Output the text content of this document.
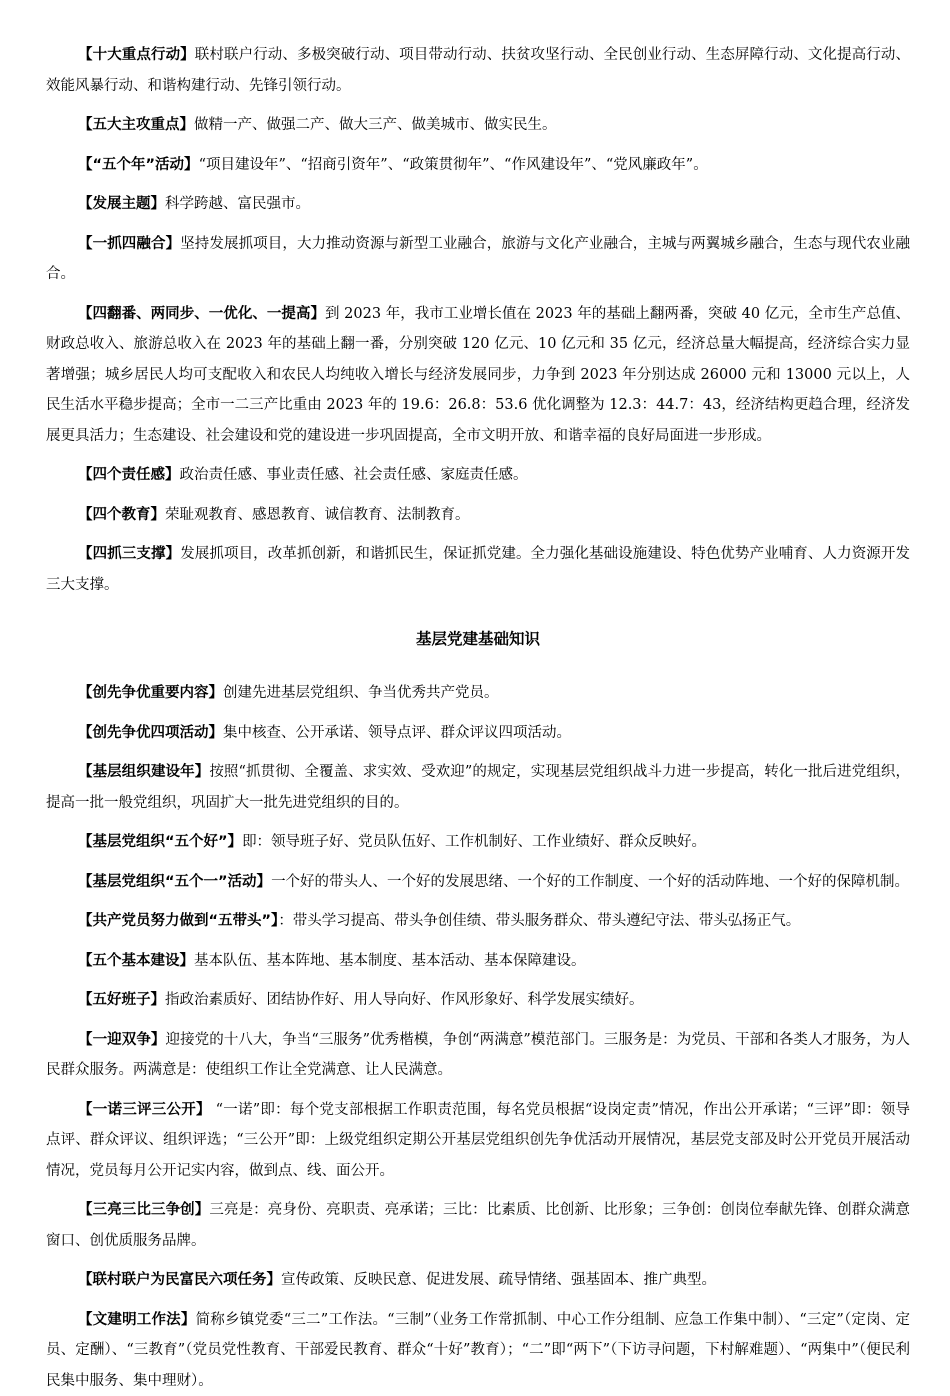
【十大重点行动】联村联户行动、多极突破行动、项目带动行动、扶贫攻坚行动、全民创业行动、生态屏障行动、文化提高行动、效能风暴行动、和谐构建行动、先锋引领行动。

【五大主攻重点】做精一产、做强二产、做大三产、做美城市、做实民生。

【“五个年”活动】“项目建设年”、“招商引资年”、“政策贯彻年”、“作风建设年”、“党风廉政年”。

【发展主题】科学跨越、富民强市。

【一抓四融合】坚持发展抓项目，大力推动资源与新型工业融合，旅游与文化产业融合，主城与两翼城乡融合，生态与现代农业融合。

【四翻番、两同步、一优化、一提高】到 2023 年，我市工业增长值在 2023 年的基础上翻两番，突破 40 亿元，全市生产总值、财政总收入、旅游总收入在 2023 年的基础上翻一番，分别突破 120 亿元、10 亿元和 35 亿元，经济总量大幅提高，经济综合实力显著增强；城乡居民人均可支配收入和农民人均纯收入增长与经济发展同步，力争到 2023 年分别达成 26000 元和 13000 元以上，人民生活水平稳步提高；全市一二三产比重由 2023 年的 19.6：26.8：53.6 优化调整为 12.3：44.7：43，经济结构更趋合理，经济发展更具活力；生态建设、社会建设和党的建设进一步巩固提高，全市文明开放、和谐幸福的良好局面进一步形成。

【四个责任感】政治责任感、事业责任感、社会责任感、家庭责任感。

【四个教育】荣耻观教育、感恩教育、诚信教育、法制教育。

【四抓三支撑】发展抓项目，改革抓创新，和谐抓民生，保证抓党建。全力强化基础设施建设、特色优势产业哺育、人力资源开发三大支撑。

基层党建基础知识

【创先争优重要内容】创建先进基层党组织、争当优秀共产党员。

【创先争优四项活动】集中核查、公开承诺、领导点评、群众评议四项活动。

【基层组织建设年】按照“抓贯彻、全覆盖、求实效、受欢迎”的规定，实现基层党组织战斗力进一步提高，转化一批后进党组织，提高一批一般党组织，巩固扩大一批先进党组织的目的。

【基层党组织“五个好”】即：领导班子好、党员队伍好、工作机制好、工作业绩好、群众反映好。

【基层党组织“五个一”活动】一个好的带头人、一个好的发展思绪、一个好的工作制度、一个好的活动阵地、一个好的保障机制。

【共产党员努力做到“五带头”】：带头学习提高、带头争创佳绩、带头服务群众、带头遵纪守法、带头弘扬正气。

【五个基本建设】基本队伍、基本阵地、基本制度、基本活动、基本保障建设。

【五好班子】指政治素质好、团结协作好、用人导向好、作风形象好、科学发展实绩好。

【一迎双争】迎接党的十八大，争当“三服务”优秀楷模，争创“两满意”模范部门。三服务是：为党员、干部和各类人才服务，为人民群众服务。两满意是：使组织工作让全党满意、让人民满意。

【一诺三评三公开】 “一诺”即：每个党支部根据工作职责范围，每名党员根据“设岗定责”情况，作出公开承诺；“三评”即：领导点评、群众评议、组织评选；“三公开”即：上级党组织定期公开基层党组织创先争优活动开展情况，基层党支部及时公开党员开展活动情况，党员每月公开记实内容，做到点、线、面公开。

【三亮三比三争创】三亮是：亮身份、亮职责、亮承诺；三比：比素质、比创新、比形象；三争创：创岗位奉献先锋、创群众满意窗口、创优质服务品牌。

【联村联户为民富民六项任务】宣传政策、反映民意、促进发展、疏导情绪、强基固本、推广典型。

【文建明工作法】简称乡镇党委“三二”工作法。“三制”（业务工作常抓制、中心工作分组制、应急工作集中制）、“三定”（定岗、定员、定酬）、“三教育”（党员党性教育、干部爱民教育、群众“十好”教育）；“二”即“两下”（下访寻问题，下村解难题）、“两集中”（便民利民集中服务、集中理财）。
